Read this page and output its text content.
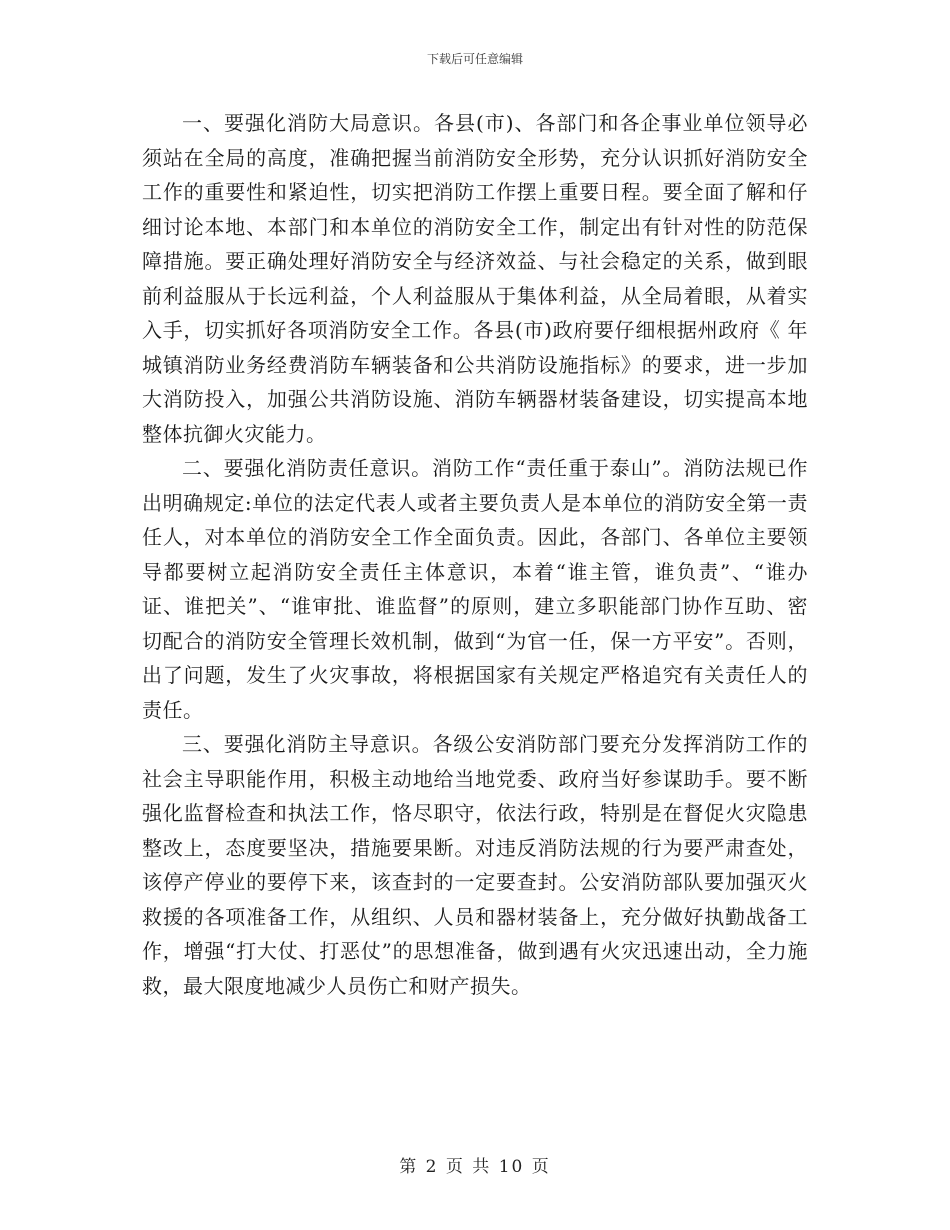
下载后可任意编辑

一、要强化消防大局意识。各县(市)、各部门和各企事业单位领导必须站在全局的高度，准确把握当前消防安全形势，充分认识抓好消防安全工作的重要性和紧迫性，切实把消防工作摆上重要日程。要全面了解和仔细讨论本地、本部门和本单位的消防安全工作，制定出有针对性的防范保障措施。要正确处理好消防安全与经济效益、与社会稳定的关系，做到眼前利益服从于长远利益，个人利益服从于集体利益，从全局着眼，从着实入手，切实抓好各项消防安全工作。各县(市)政府要仔细根据州政府《 年城镇消防业务经费消防车辆装备和公共消防设施指标》的要求，进一步加大消防投入，加强公共消防设施、消防车辆器材装备建设，切实提高本地整体抗御火灾能力。

二、要强化消防责任意识。消防工作“责任重于泰山”。消防法规已作出明确规定:单位的法定代表人或者主要负责人是本单位的消防安全第一责任人，对本单位的消防安全工作全面负责。因此，各部门、各单位主要领导都要树立起消防安全责任主体意识，本着“谁主管，谁负责”、“谁办证、谁把关”、“谁审批、谁监督”的原则，建立多职能部门协作互助、密切配合的消防安全管理长效机制，做到“为官一任，保一方平安”。否则，出了问题，发生了火灾事故，将根据国家有关规定严格追究有关责任人的责任。

三、要强化消防主导意识。各级公安消防部门要充分发挥消防工作的社会主导职能作用，积极主动地给当地党委、政府当好参谋助手。要不断强化监督检查和执法工作，恪尽职守，依法行政，特别是在督促火灾隐患整改上，态度要坚决，措施要果断。对违反消防法规的行为要严肃查处，该停产停业的要停下来，该查封的一定要查封。公安消防部队要加强灭火救援的各项准备工作，从组织、人员和器材装备上，充分做好执勤战备工作，增强“打大仗、打恶仗”的思想准备，做到遇有火灾迅速出动，全力施救，最大限度地减少人员伤亡和财产损失。

第 2 页 共 10 页
